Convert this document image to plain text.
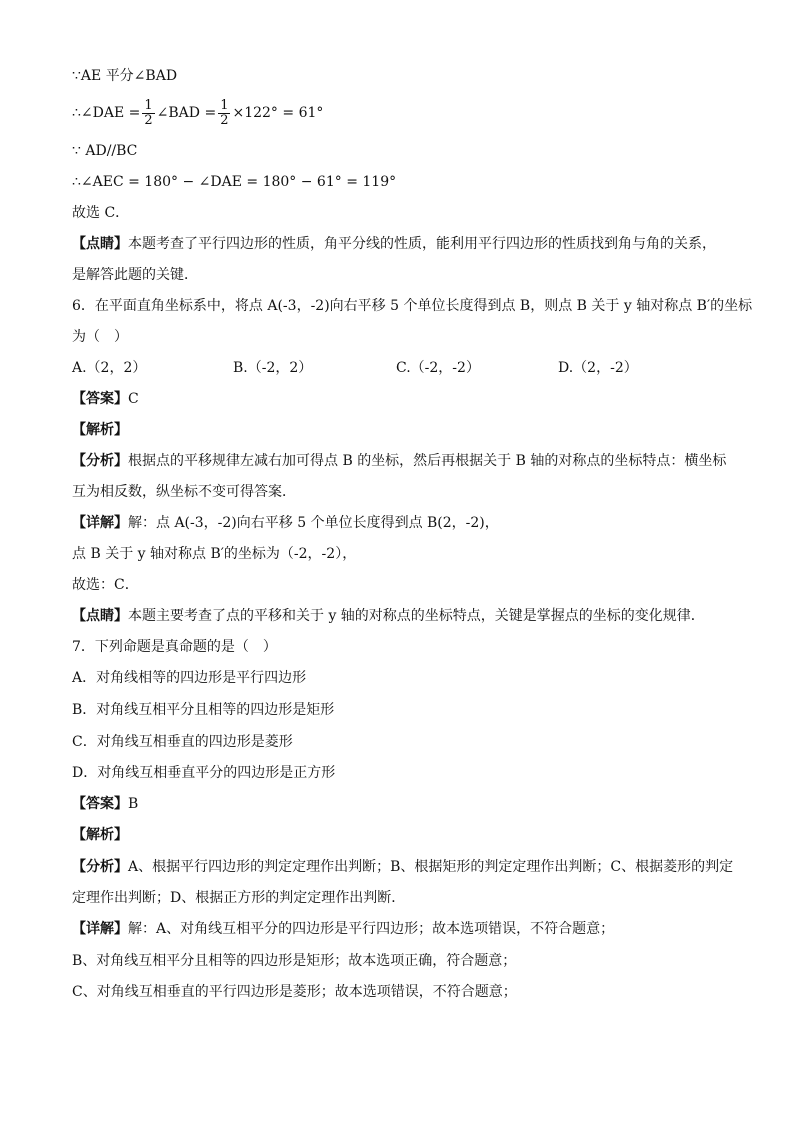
∵AE 平分∠BAD
∴∠DAE = $\frac{1}{2}$ ∠BAD = $\frac{1}{2} \times 122^\circ = 61^\circ$
∵ AD//BC
∴∠AEC = 180° − ∠DAE = 180° − 61° = 119°
故选 C．
【点睛】本题考查了平行四边形的性质，角平分线的性质，能利用平行四边形的性质找到角与角的关系，
是解答此题的关键．
6．在平面直角坐标系中，将点 A(-3，-2)向右平移 5 个单位长度得到点 B，则点 B 关于 y 轴对称点 B′的坐标
为（　）
A.（2，2）	B.（-2，2）	C.（-2，-2）	D.（2，-2）
【答案】C
【解析】
【分析】根据点的平移规律左减右加可得点 B 的坐标，然后再根据关于 B 轴的对称点的坐标特点：横坐标
互为相反数，纵坐标不变可得答案．
【详解】解：点 A(-3，-2)向右平移 5 个单位长度得到点 B(2，-2)，
点 B 关于 y 轴对称点 B′的坐标为（-2，-2），
故选：C．
【点睛】本题主要考查了点的平移和关于 y 轴的对称点的坐标特点，关键是掌握点的坐标的变化规律．
7．下列命题是真命题的是（　）
A．对角线相等的四边形是平行四边形
B．对角线互相平分且相等的四边形是矩形
C．对角线互相垂直的四边形是菱形
D．对角线互相垂直平分的四边形是正方形
【答案】B
【解析】
【分析】A、根据平行四边形的判定定理作出判断；B、根据矩形的判定定理作出判断；C、根据菱形的判定
定理作出判断；D、根据正方形的判定定理作出判断．
【详解】解：A、对角线互相平分的四边形是平行四边形；故本选项错误，不符合题意；
B、对角线互相平分且相等的四边形是矩形；故本选项正确，符合题意；
C、对角线互相垂直的平行四边形是菱形；故本选项错误，不符合题意；
